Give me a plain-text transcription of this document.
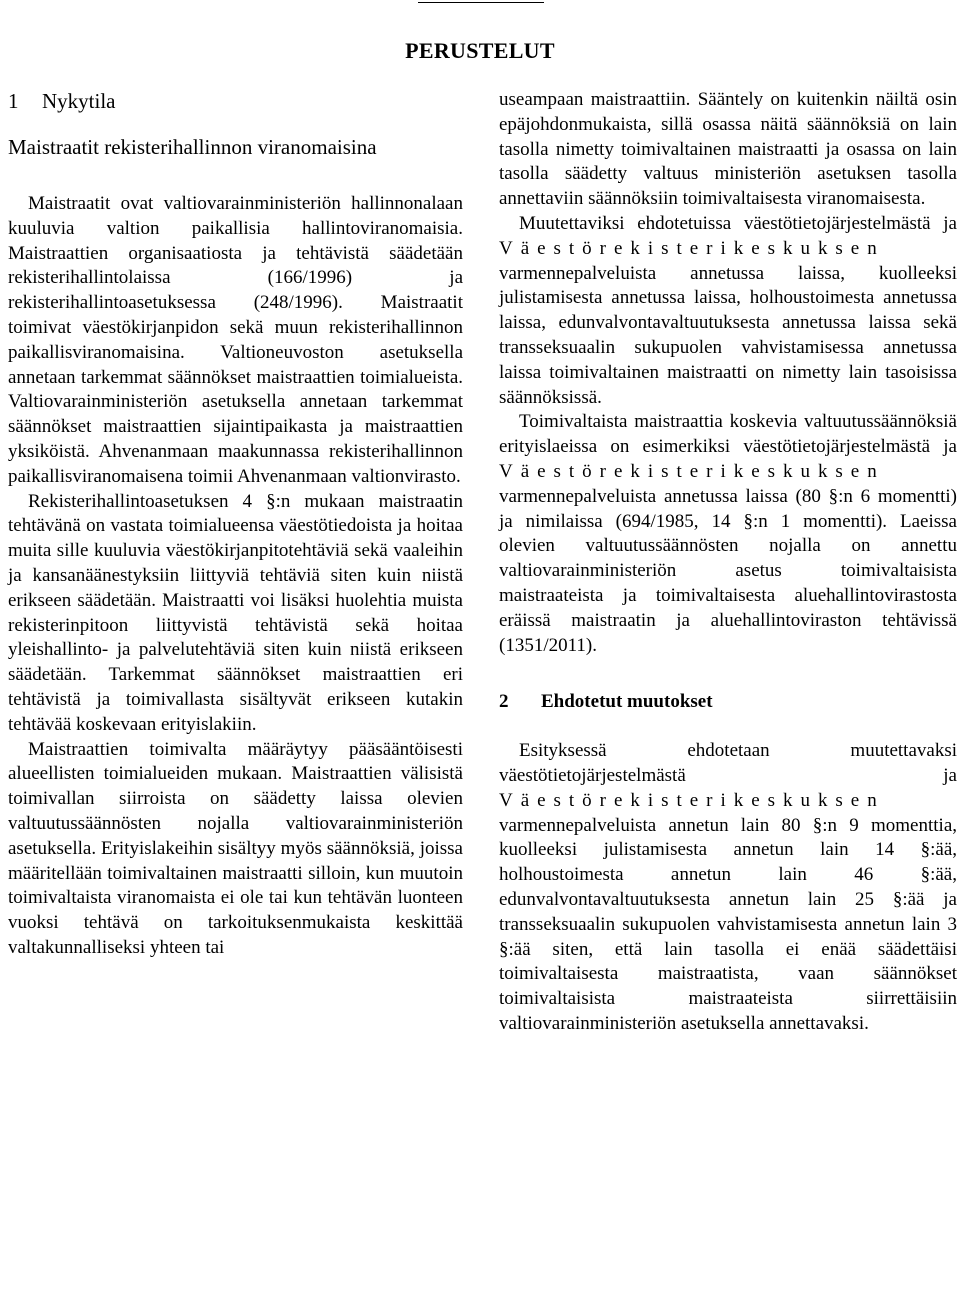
PERUSTELUT
1 Nykytila
Maistraatit rekisterihallinnon viranomaisina

Maistraatit ovat valtiovarainministeriön hallinnonalaan kuuluvia valtion paikallisia hallintoviranomaisia. Maistraattien organisaatiosta ja tehtävistä säädetään rekisterihallintolaissa (166/1996) ja rekisterihallintoasetuksessa (248/1996). Maistraatit toimivat väestökirjanpidon sekä muun rekisterihallinnon paikallisviranomaisina. Valtioneuvoston asetuksella annetaan tarkemmat säännökset maistraattien toimialueista. Valtiovarainministeriön asetuksella annetaan tarkemmat säännökset maistraattien sijaintipaikasta ja maistraattien yksiköistä. Ahvenanmaan maakunnassa rekisterihallinnon paikallisviranomaisena toimii Ahvenanmaan valtionvirasto.

Rekisterihallintoasetuksen 4 §:n mukaan maistraatin tehtävänä on vastata toimialueensa väestötiedoista ja hoitaa muita sille kuuluvia väestökirjanpitotehtäviä sekä vaaleihin ja kansanäänestyksiin liittyviä tehtäviä siten kuin niistä erikseen säädetään. Maistraatti voi lisäksi huolehtia muista rekisterinpitoon liittyvistä tehtävistä sekä hoitaa yleishallinto- ja palvelutehtäviä siten kuin niistä erikseen säädetään. Tarkemmat säännökset maistraattien eri tehtävistä ja toimivallasta sisältyvät erikseen kutakin tehtävää koskevaan erityislakiin.

Maistraattien toimivalta määräytyy pääsääntöisesti alueellisten toimialueiden mukaan. Maistraattien välisistä toimivallan siirroista on säädetty laissa olevien valtuutussäännösten nojalla valtiovarainministeriön asetuksella. Erityislakeihin sisältyy myös säännöksiä, joissa määritellään toimivaltainen maistraatti silloin, kun muutoin toimivaltaista viranomaista ei ole tai kun tehtävän luonteen vuoksi tehtävä on tarkoituksenmukaista keskittää valtakunnalliseksi yhteen tai

useampaan maistraattiin. Sääntely on kuitenkin näiltä osin epäjohdonmukaista, sillä osassa näitä säännöksiä on lain tasolla nimetty toimivaltainen maistraatti ja osassa on lain tasolla säädetty valtuus ministeriön asetuksen tasolla annettaviin säännöksiin toimivaltaisesta viranomaisesta.

Muutettaviksi ehdotetuissa väestötietojärjestelmästä ja Väestörekisterikeskuksen varmennepalveluista annetussa laissa, kuolleeksi julistamisesta annetussa laissa, holhoustoimesta annetussa laissa, edunvalvontavaltuutuksesta annetussa laissa sekä transseksuaalin sukupuolen vahvistamisessa annetussa laissa toimivaltainen maistraatti on nimetty lain tasoisissa säännöksissä.

Toimivaltaista maistraattia koskevia valtuutussäännöksiä erityislaeissa on esimerkiksi väestötietojärjestelmästä ja Väestörekisterikeskuksen varmennepalveluista annetussa laissa (80 §:n 6 momentti) ja nimilaissa (694/1985, 14 §:n 1 momentti). Laeissa olevien valtuutussäännösten nojalla on annettu valtiovarainministeriön asetus toimivaltaisista maistraateista ja toimivaltaisesta aluehallintovirastosta eräissä maistraatin ja aluehallintoviraston tehtävissä (1351/2011).

2 Ehdotetut muutokset

Esityksessä ehdotetaan muutettavaksi väestötietojärjestelmästä ja Väestörekisterikeskuksen varmennepalveluista annetun lain 80 §:n 9 momenttia, kuolleeksi julistamisesta annetun lain 14 §:ää, holhoustoimesta annetun lain 46 §:ää, edunvalvontavaltuutuksesta annetun lain 25 §:ää ja transseksuaalin sukupuolen vahvistamisesta annetun lain 3 §:ää siten, että lain tasolla ei enää säädettäisi toimivaltaisesta maistraatista, vaan säännökset toimivaltaisista maistraateista siirrettäisiin valtiovarainministeriön asetuksella annettavaksi.
